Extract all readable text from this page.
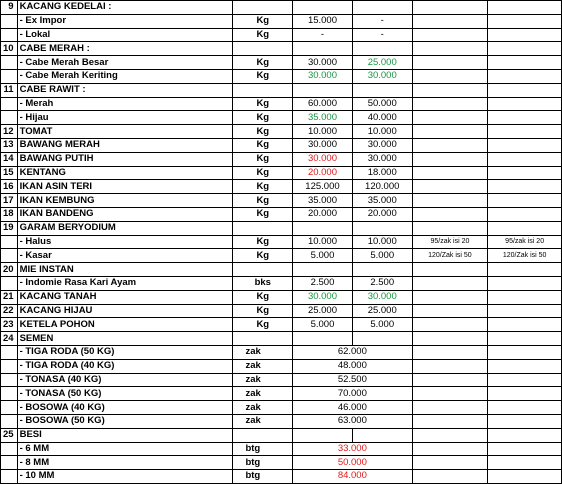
9	KACANG KEDELAI :					
	- Ex Impor	Kg	15.000	-		
	- Lokal	Kg	-	-		
10	CABE MERAH :					
	- Cabe Merah Besar	Kg	30.000	25.000		
	- Cabe Merah Keriting	Kg	30.000	30.000		
11	CABE RAWIT :					
	- Merah	Kg	60.000	50.000		
	- Hijau	Kg	35.000	40.000		
12	TOMAT	Kg	10.000	10.000		
13	BAWANG MERAH	Kg	30.000	30.000		
14	BAWANG PUTIH	Kg	30.000	30.000		
15	KENTANG	Kg	20.000	18.000		
16	IKAN ASIN TERI	Kg	125.000	120.000		
17	IKAN KEMBUNG	Kg	35.000	35.000		
18	IKAN BANDENG	Kg	20.000	20.000		
19	GARAM BERYODIUM					
	- Halus	Kg	10.000	10.000	95/zak isi 20	95/zak isi 20
	- Kasar	Kg	5.000	5.000	120/Zak isi 50	120/Zak isi 50
20	MIE INSTAN					
	- Indomie Rasa Kari Ayam	bks	2.500	2.500		
21	KACANG TANAH	Kg	30.000	30.000		
22	KACANG HIJAU	Kg	25.000	25.000		
23	KETELA POHON	Kg	5.000	5.000		
24	SEMEN					
	- TIGA RODA (50 KG)	zak	62.000			
	- TIGA RODA (40 KG)	zak	48.000			
	- TONASA (40 KG)	zak	52.500			
	- TONASA (50 KG)	zak	70.000			
	- BOSOWA (40 KG)	zak	46.000			
	- BOSOWA (50 KG)	zak	63.000			
25	BESI					
	- 6 MM	btg	33.000			
	- 8 MM	btg	50.000			
	- 10 MM	btg	84.000			
